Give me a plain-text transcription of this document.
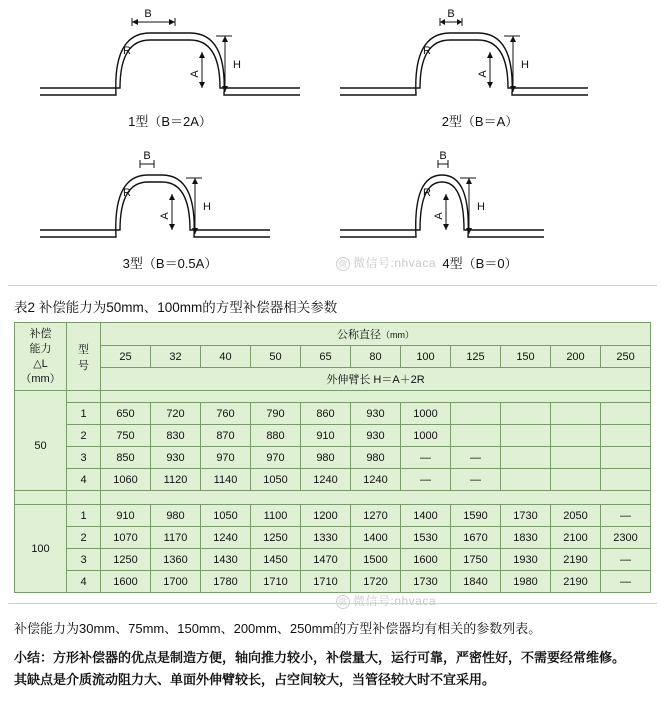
B
R
A
H
1型（B＝2A）
B
R
A
H
2型（B＝A）
B
R
A
H
3型（B＝0.5A）
B
R
A
H
4型（B＝0）
微 微信号:nhvaca
表2 补偿能力为50mm、100mm的方型补偿器相关参数
补偿
能力
△L
（mm）

型
号
	公称直径（mm）
		25	32	40	50	65	80	100	125	150	200	250
		外伸臂长 H＝A＋2R										

50	1	650	720	760	790	860	930	1000				
	2	750	830	870	880	910	930	1000				
	3	850	930	970	970	980	980	—	—			
	4	1060	1120	1140	1050	1240	1240	—	—			

100	1	910	980	1050	1100	1200	1270	1400	1590	1730	2050	—
	2	1070	1170	1240	1250	1330	1400	1530	1670	1830	2100	2300
	3	1250	1360	1430	1450	1470	1500	1600	1750	1930	2190	—
	4	1600	1700	1780	1710	1710	1720	1730	1840	1980	2190	—
微 微信号:nhvaca
补偿能力为30mm、75mm、150mm、200mm、250mm的方型补偿器均有相关的参数列表。
小结：方形补偿器的优点是制造方便，轴向推力较小，补偿量大，运行可靠，严密性好，不需要经常维修。
其缺点是介质流动阻力大、单面外伸臂较长，占空间较大，当管径较大时不宜采用。
